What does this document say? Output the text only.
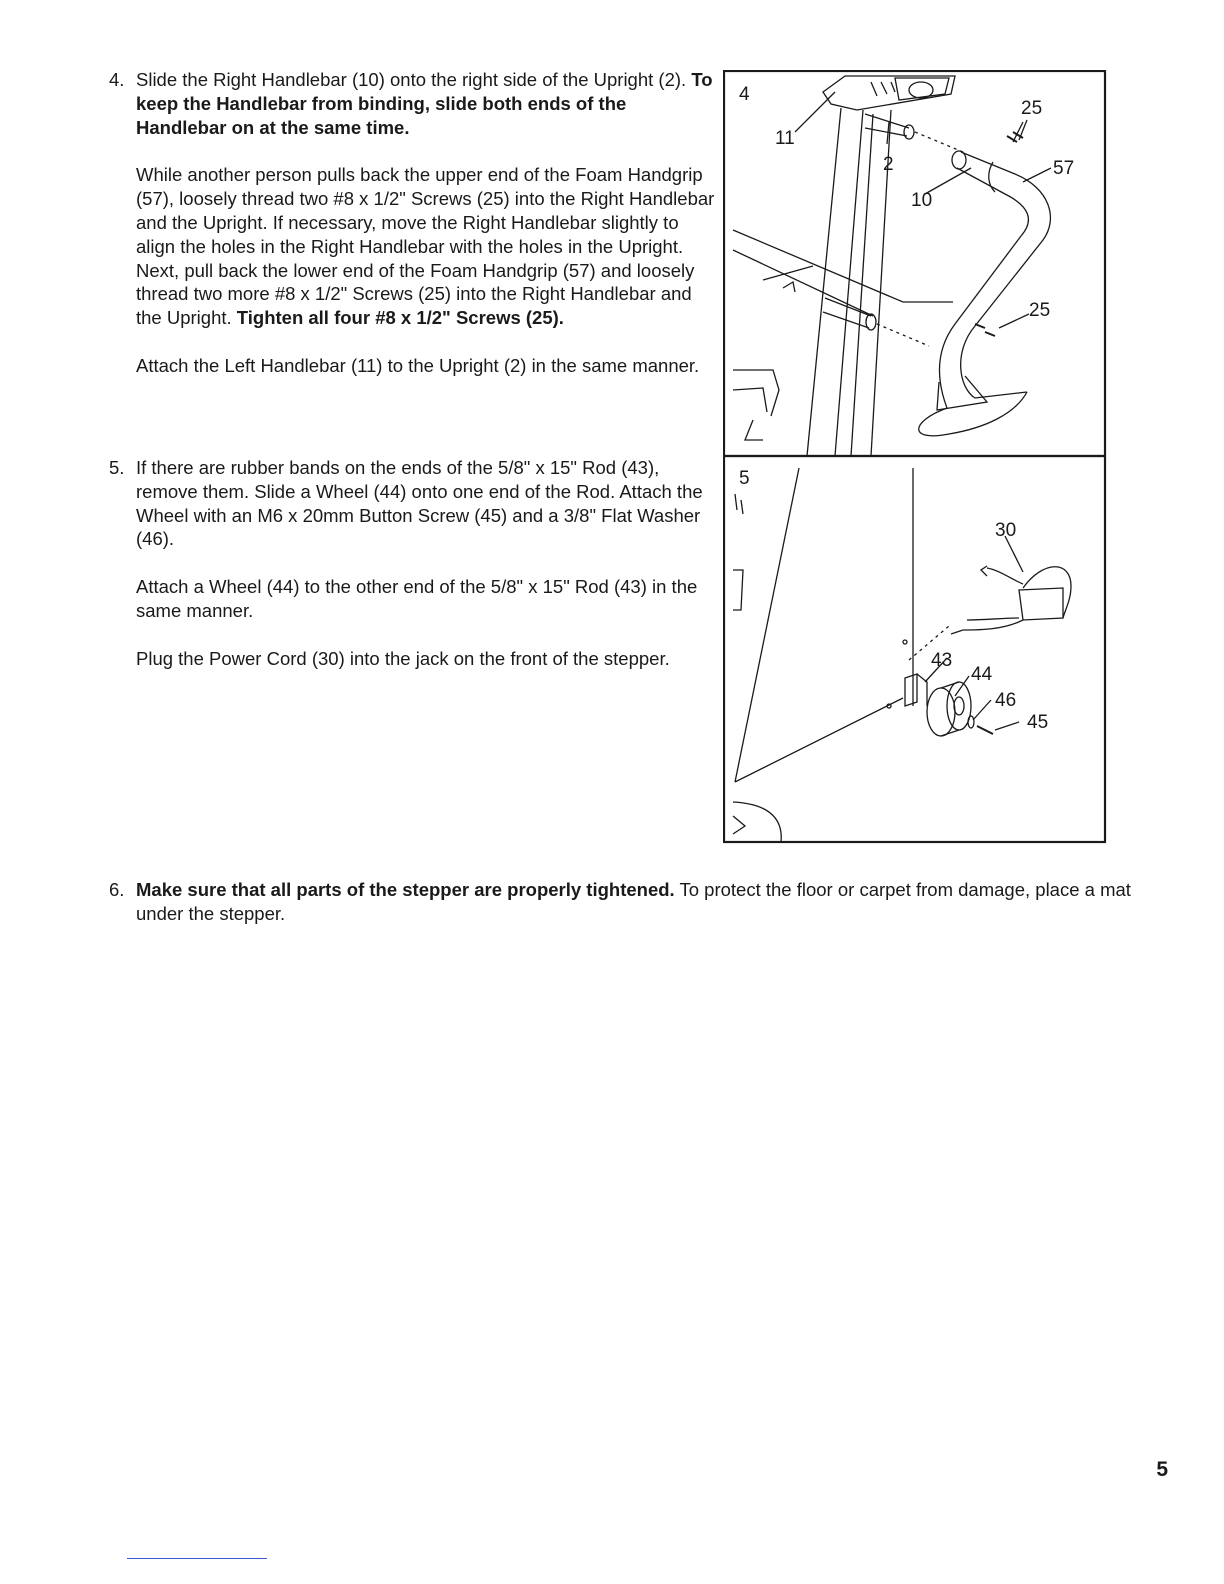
4. Slide the Right Handlebar (10) onto the right side of the Upright (2). To keep the Handlebar from binding, slide both ends of the Handlebar on at the same time.

While another person pulls back the upper end of the Foam Handgrip (57), loosely thread two #8 x 1/2" Screws (25) into the Right Handlebar and the Upright. If necessary, move the Right Handlebar slightly to align the holes in the Right Handlebar with the holes in the Upright. Next, pull back the lower end of the Foam Handgrip (57) and loosely thread two more #8 x 1/2" Screws (25) into the Right Handlebar and the Upright. Tighten all four #8 x 1/2" Screws (25).

Attach the Left Handlebar (11) to the Upright (2) in the same manner.

5. If there are rubber bands on the ends of the 5/8" x 15" Rod (43), remove them. Slide a Wheel (44) onto one end of the Rod. Attach the Wheel with an M6 x 20mm Button Screw (45) and a 3/8" Flat Washer (46).

Attach a Wheel (44) to the other end of the 5/8" x 15" Rod (43) in the same manner.

Plug the Power Cord (30) into the jack on the front of the stepper.

6. Make sure that all parts of the stepper are properly tightened. To protect the floor or carpet from damage, place a mat under the stepper.

4
11
2
10
25
57
25
5
30
43
44
46
45
5
